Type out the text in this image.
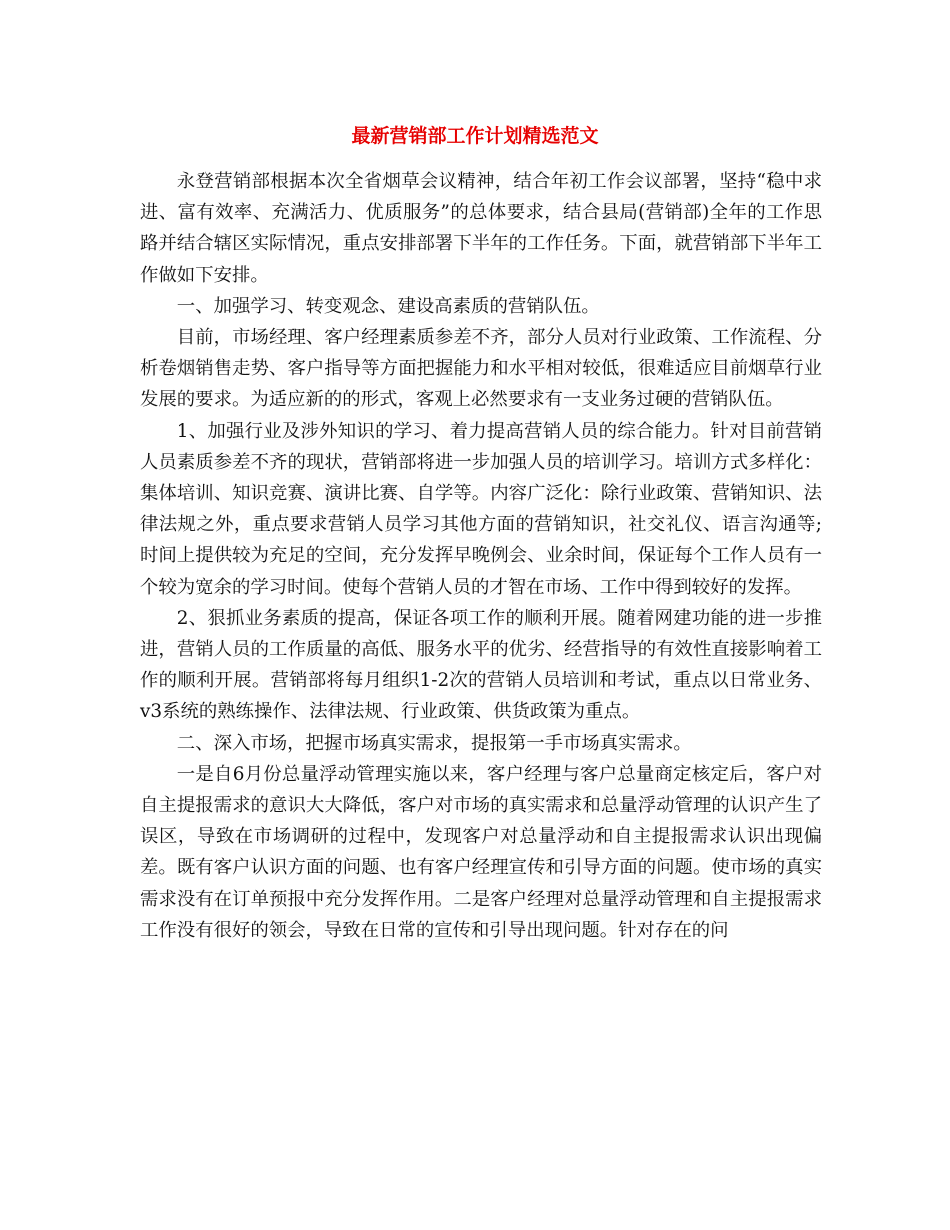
最新营销部工作计划精选范文

永登营销部根据本次全省烟草会议精神，结合年初工作会议部署，坚持“稳中求进、富有效率、充满活力、优质服务”的总体要求，结合县局(营销部)全年的工作思路并结合辖区实际情况，重点安排部署下半年的工作任务。下面，就营销部下半年工作做如下安排。

一、加强学习、转变观念、建设高素质的营销队伍。

目前，市场经理、客户经理素质参差不齐，部分人员对行业政策、工作流程、分析卷烟销售走势、客户指导等方面把握能力和水平相对较低，很难适应目前烟草行业发展的要求。为适应新的的形式，客观上必然要求有一支业务过硬的营销队伍。

1、加强行业及涉外知识的学习、着力提高营销人员的综合能力。针对目前营销人员素质参差不齐的现状，营销部将进一步加强人员的培训学习。培训方式多样化：集体培训、知识竞赛、演讲比赛、自学等。内容广泛化：除行业政策、营销知识、法律法规之外，重点要求营销人员学习其他方面的营销知识，社交礼仪、语言沟通等;时间上提供较为充足的空间，充分发挥早晚例会、业余时间，保证每个工作人员有一个较为宽余的学习时间。使每个营销人员的才智在市场、工作中得到较好的发挥。

2、狠抓业务素质的提高，保证各项工作的顺利开展。随着网建功能的进一步推进，营销人员的工作质量的高低、服务水平的优劣、经营指导的有效性直接影响着工作的顺利开展。营销部将每月组织1-2次的营销人员培训和考试，重点以日常业务、v3系统的熟练操作、法律法规、行业政策、供货政策为重点。

二、深入市场，把握市场真实需求，提报第一手市场真实需求。

一是自6月份总量浮动管理实施以来，客户经理与客户总量商定核定后，客户对自主提报需求的意识大大降低，客户对市场的真实需求和总量浮动管理的认识产生了误区，导致在市场调研的过程中，发现客户对总量浮动和自主提报需求认识出现偏差。既有客户认识方面的问题、也有客户经理宣传和引导方面的问题。使市场的真实需求没有在订单预报中充分发挥作用。二是客户经理对总量浮动管理和自主提报需求工作没有很好的领会，导致在日常的宣传和引导出现问题。针对存在的问
